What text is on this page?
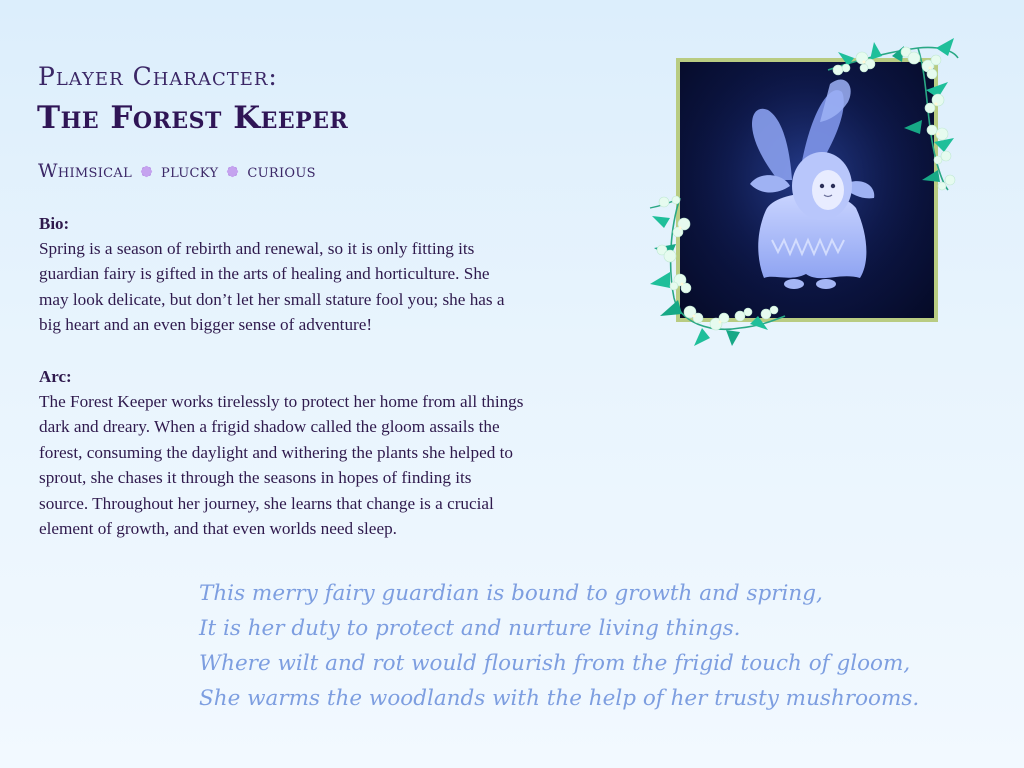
Player Character:
The Forest Keeper
Whimsical plucky curious
Bio:
Spring is a season of rebirth and renewal, so it is only fitting its
guardian fairy is gifted in the arts of healing and horticulture. She
may look delicate, but don’t let her small stature fool you; she has a
big heart and an even bigger sense of adventure!
Arc:
The Forest Keeper works tirelessly to protect her home from all things
dark and dreary. When a frigid shadow called the gloom assails the
forest, consuming the daylight and withering the plants she helped to
sprout, she chases it through the seasons in hopes of finding its
source. Throughout her journey, she learns that change is a crucial
element of growth, and that even worlds need sleep.
This merry fairy guardian is bound to growth and spring,
It is her duty to protect and nurture living things.
Where wilt and rot would flourish from the frigid touch of gloom,
She warms the woodlands with the help of her trusty mushrooms.
